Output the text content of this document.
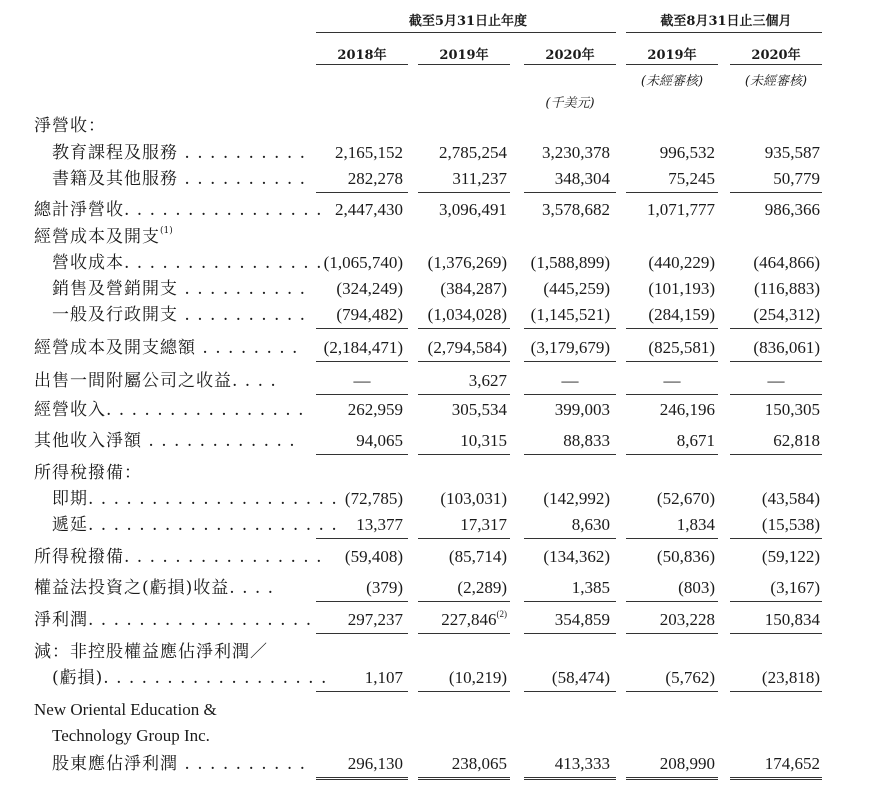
截至5月31日止年度	截至8月31日止三個月
2018年	2019年	2020年	2019年	2020年
(未經審核)	(未經審核)
(千美元)
淨營收：
教育課程及服務 . . . . . . . . . .	2,165,152	2,785,254	3,230,378	996,532	935,587
書籍及其他服務 . . . . . . . . . .	282,278	311,237	348,304	75,245	50,779
總計淨營收. . . . . . . . . . . . . . . . 2,447,430	3,096,491	3,578,682	1,071,777	986,366
經營成本及開支$^{(1)}$
營收成本. . . . . . . . . . . . . . . . (1,065,740)	(1,376,269)	(1,588,899)	(440,229)	(464,866)
銷售及營銷開支 . . . . . . . . . .	(324,249)	(384,287)	(445,259)	(101,193)	(116,883)
一般及行政開支 . . . . . . . . . .	(794,482)	(1,034,028)	(1,145,521)	(284,159)	(254,312)
經營成本及開支總額 . . . . . . . .	(2,184,471)	(2,794,584)	(3,179,679)	(825,581)	(836,061)
出售一間附屬公司之收益. . . .	—	3,627	—	—	—
經營收入. . . . . . . . . . . . . . . .	262,959	305,534	399,003	246,196	150,305
其他收入淨額 . . . . . . . . . . . .	94,065	10,315	88,833	8,671	62,818
所得稅撥備：
即期. . . . . . . . . . . . . . . . . . . . (72,785)	(103,031)	(142,992)	(52,670)	(43,584)
遞延. . . . . . . . . . . . . . . . . . . .	13,377	17,317	8,630	1,834	(15,538)
所得稅撥備. . . . . . . . . . . . . . . .	(59,408)	(85,714)	(134,362)	(50,836)	(59,122)
權益法投資之(虧損)收益. . . .	(379)	(2,289)	1,385	(803)	(3,167)
淨利潤. . . . . . . . . . . . . . . . . .	297,237	227,846$^{(2)}$	354,859	203,228	150,834
減：非控股權益應佔淨利潤／
(虧損). . . . . . . . . . . . . . . . . .	1,107	(10,219)	(58,474)	(5,762)	(23,818)
New Oriental Education &
Technology Group Inc.
股東應佔淨利潤 . . . . . . . . . .	296,130	238,065	413,333	208,990	174,652
